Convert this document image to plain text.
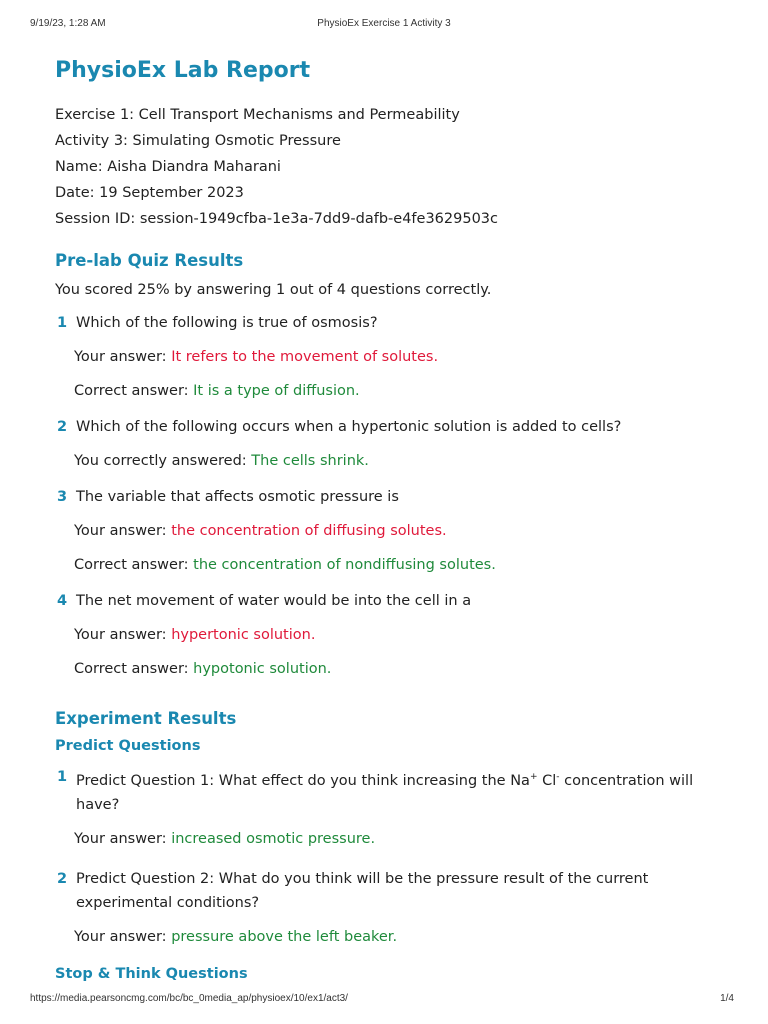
9/19/23, 1:28 AM	PhysioEx Exercise 1 Activity 3
PhysioEx Lab Report

Exercise 1: Cell Transport Mechanisms and Permeability

Activity 3: Simulating Osmotic Pressure

Name: Aisha Diandra Maharani

Date: 19 September 2023

Session ID: session-1949cfba-1e3a-7dd9-dafb-e4fe3629503c

Pre-lab Quiz Results

You scored 25% by answering 1 out of 4 questions correctly.

1 Which of the following is true of osmosis?

Your answer: It refers to the movement of solutes.

Correct answer: It is a type of diffusion.

2 Which of the following occurs when a hypertonic solution is added to cells?

You correctly answered: The cells shrink.

3 The variable that affects osmotic pressure is

Your answer: the concentration of diffusing solutes.

Correct answer: the concentration of nondiffusing solutes.

4 The net movement of water would be into the cell in a

Your answer: hypertonic solution.

Correct answer: hypotonic solution.

Experiment Results
Predict Questions
1 Predict Question 1: What effect do you think increasing the Na+ Cl- concentration will have?

Your answer: increased osmotic pressure.

2 Predict Question 2: What do you think will be the pressure result of the current experimental conditions?

Your answer: pressure above the left beaker.

Stop & Think Questions
https://media.pearsoncmg.com/bc/bc_0media_ap/physioex/10/ex1/act3/	1/4
